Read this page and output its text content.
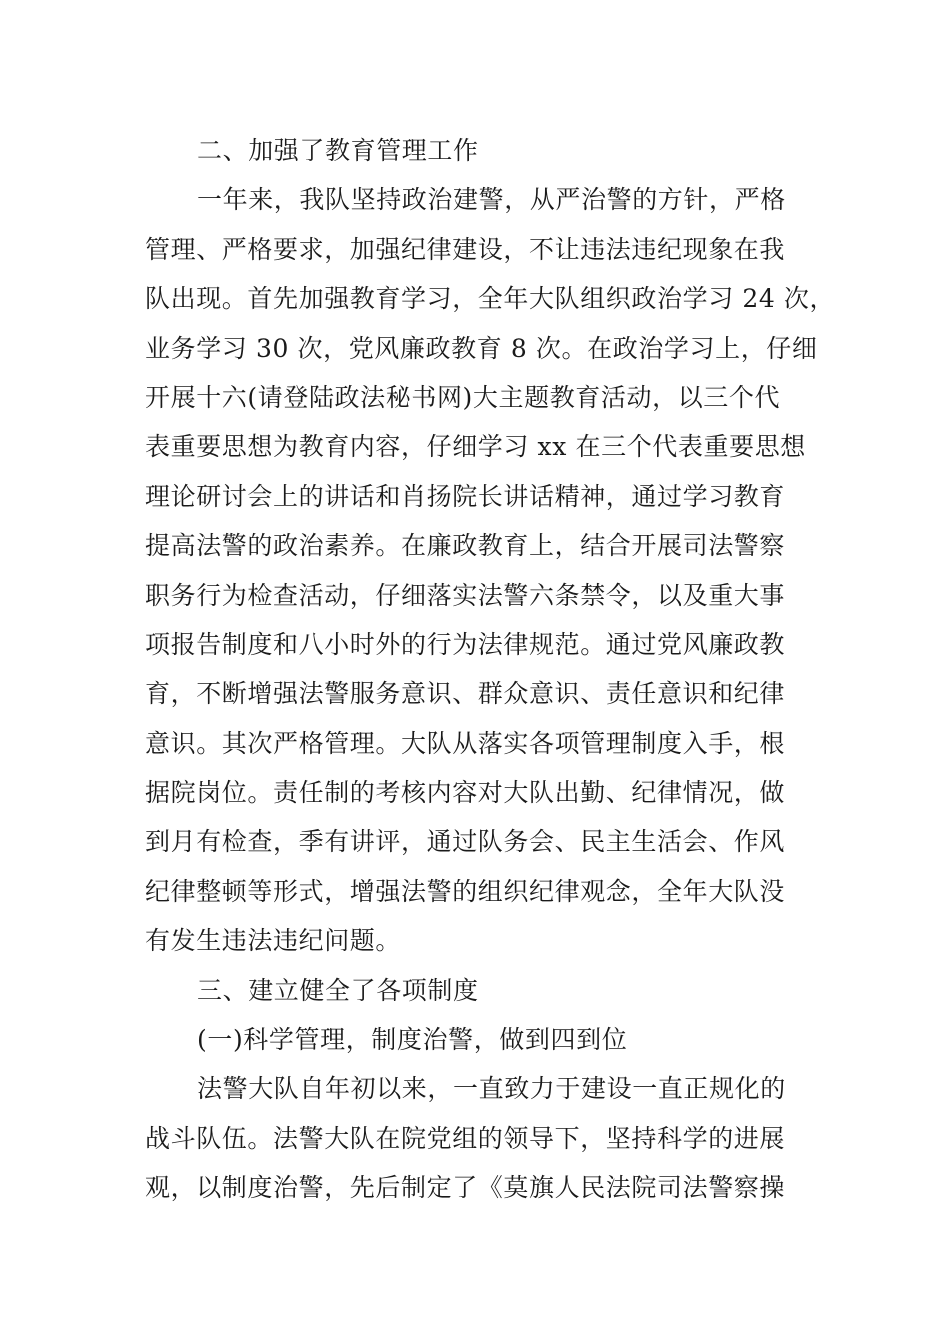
二、加强了教育管理工作
一年来，我队坚持政治建警，从严治警的方针，严格
管理、严格要求，加强纪律建设，不让违法违纪现象在我
队出现。首先加强教育学习，全年大队组织政治学习 24 次，
业务学习 30 次，党风廉政教育 8 次。在政治学习上，仔细
开展十六(请登陆政法秘书网)大主题教育活动，以三个代
表重要思想为教育内容，仔细学习 xx 在三个代表重要思想
理论研讨会上的讲话和肖扬院长讲话精神，通过学习教育
提高法警的政治素养。在廉政教育上，结合开展司法警察
职务行为检查活动，仔细落实法警六条禁令，以及重大事
项报告制度和八小时外的行为法律规范。通过党风廉政教
育，不断增强法警服务意识、群众意识、责任意识和纪律
意识。其次严格管理。大队从落实各项管理制度入手，根
据院岗位。责任制的考核内容对大队出勤、纪律情况，做
到月有检查，季有讲评，通过队务会、民主生活会、作风
纪律整顿等形式，增强法警的组织纪律观念，全年大队没
有发生违法违纪问题。
三、建立健全了各项制度
(一)科学管理，制度治警，做到四到位
法警大队自年初以来，一直致力于建设一直正规化的
战斗队伍。法警大队在院党组的领导下，坚持科学的进展
观，以制度治警，先后制定了《莫旗人民法院司法警察操
